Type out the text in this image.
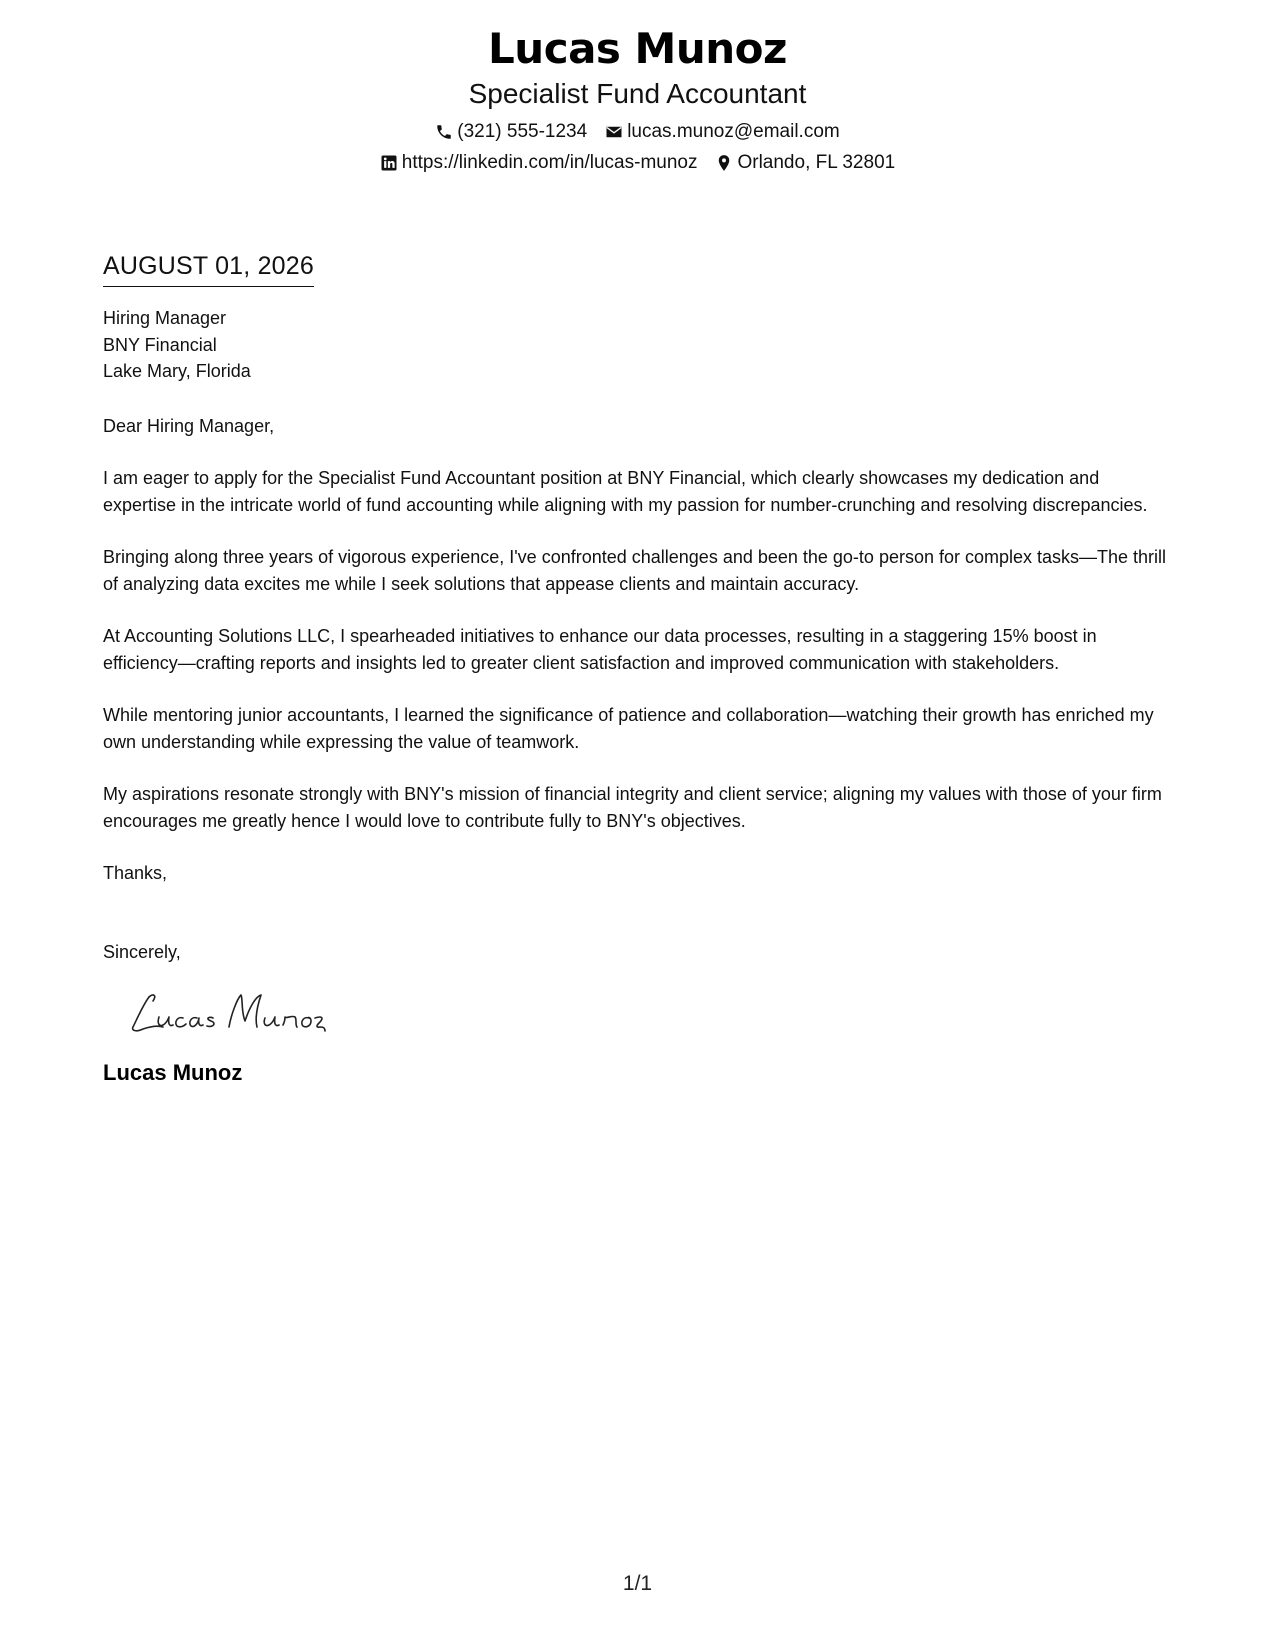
Lucas Munoz
Specialist Fund Accountant
(321) 555-1234 lucas.munoz@email.com
https://linkedin.com/in/lucas-munoz Orlando, FL 32801
AUGUST 01, 2026
Hiring Manager
BNY Financial
Lake Mary, Florida
Dear Hiring Manager,
I am eager to apply for the Specialist Fund Accountant position at BNY Financial, which clearly showcases my dedication and expertise in the intricate world of fund accounting while aligning with my passion for number-crunching and resolving discrepancies.
Bringing along three years of vigorous experience, I've confronted challenges and been the go-to person for complex tasks—The thrill of analyzing data excites me while I seek solutions that appease clients and maintain accuracy.
At Accounting Solutions LLC, I spearheaded initiatives to enhance our data processes, resulting in a staggering 15% boost in efficiency—crafting reports and insights led to greater client satisfaction and improved communication with stakeholders.
While mentoring junior accountants, I learned the significance of patience and collaboration—watching their growth has enriched my own understanding while expressing the value of teamwork.
My aspirations resonate strongly with BNY's mission of financial integrity and client service; aligning my values with those of your firm encourages me greatly hence I would love to contribute fully to BNY's objectives.
Thanks,
Sincerely,
Lucas Munoz
1/1
